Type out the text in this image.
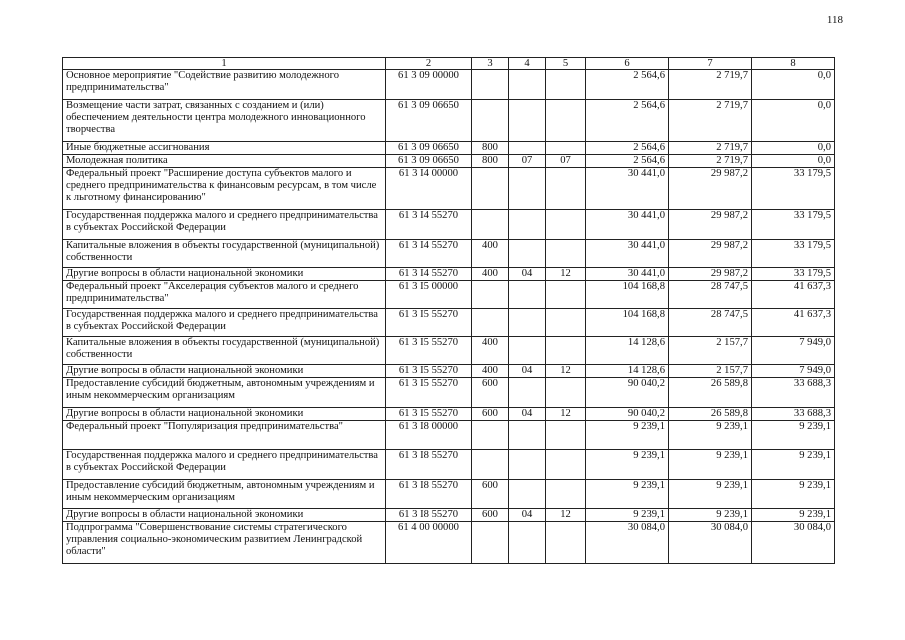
118
1	2	3	4	5	6	7	8
Основное мероприятие "Содействие развитию молодежного предпринимательства"	61 3 09 00000				2 564,6	2 719,7	0,0
Возмещение части затрат, связанных с созданием и (или) обеспечением деятельности центра молодежного инновационного творчества	61 3 09 06650				2 564,6	2 719,7	0,0
Иные бюджетные ассигнования	61 3 09 06650	800			2 564,6	2 719,7	0,0
Молодежная политика	61 3 09 06650	800	07	07	2 564,6	2 719,7	0,0
Федеральный проект "Расширение доступа субъектов малого и среднего предпринимательства к финансовым ресурсам, в том числе к льготному финансированию"	61 3 I4 00000				30 441,0	29 987,2	33 179,5
Государственная поддержка малого и среднего предпринимательства в субъектах Российской Федерации	61 3 I4 55270				30 441,0	29 987,2	33 179,5
Капитальные вложения в объекты государственной (муниципальной) собственности	61 3 I4 55270	400			30 441,0	29 987,2	33 179,5
Другие вопросы в области национальной экономики	61 3 I4 55270	400	04	12	30 441,0	29 987,2	33 179,5
Федеральный проект "Акселерация субъектов малого и среднего предпринимательства"	61 3 I5 00000				104 168,8	28 747,5	41 637,3
Государственная поддержка малого и среднего предпринимательства в субъектах Российской Федерации	61 3 I5 55270				104 168,8	28 747,5	41 637,3
Капитальные вложения в объекты государственной (муниципальной) собственности	61 3 I5 55270	400			14 128,6	2 157,7	7 949,0
Другие вопросы в области национальной экономики	61 3 I5 55270	400	04	12	14 128,6	2 157,7	7 949,0
Предоставление субсидий бюджетным, автономным учреждениям и иным некоммерческим организациям	61 3 I5 55270	600			90 040,2	26 589,8	33 688,3
Другие вопросы в области национальной экономики	61 3 I5 55270	600	04	12	90 040,2	26 589,8	33 688,3
Федеральный проект "Популяризация предпринимательства"	61 3 I8 00000				9 239,1	9 239,1	9 239,1
Государственная поддержка малого и среднего предпринимательства в субъектах Российской Федерации	61 3 I8 55270				9 239,1	9 239,1	9 239,1
Предоставление субсидий бюджетным, автономным учреждениям и иным некоммерческим организациям	61 3 I8 55270	600			9 239,1	9 239,1	9 239,1
Другие вопросы в области национальной экономики	61 3 I8 55270	600	04	12	9 239,1	9 239,1	9 239,1
Подпрограмма "Совершенствование системы стратегического управления социально-экономическим развитием Ленинградской области"	61 4 00 00000				30 084,0	30 084,0	30 084,0
